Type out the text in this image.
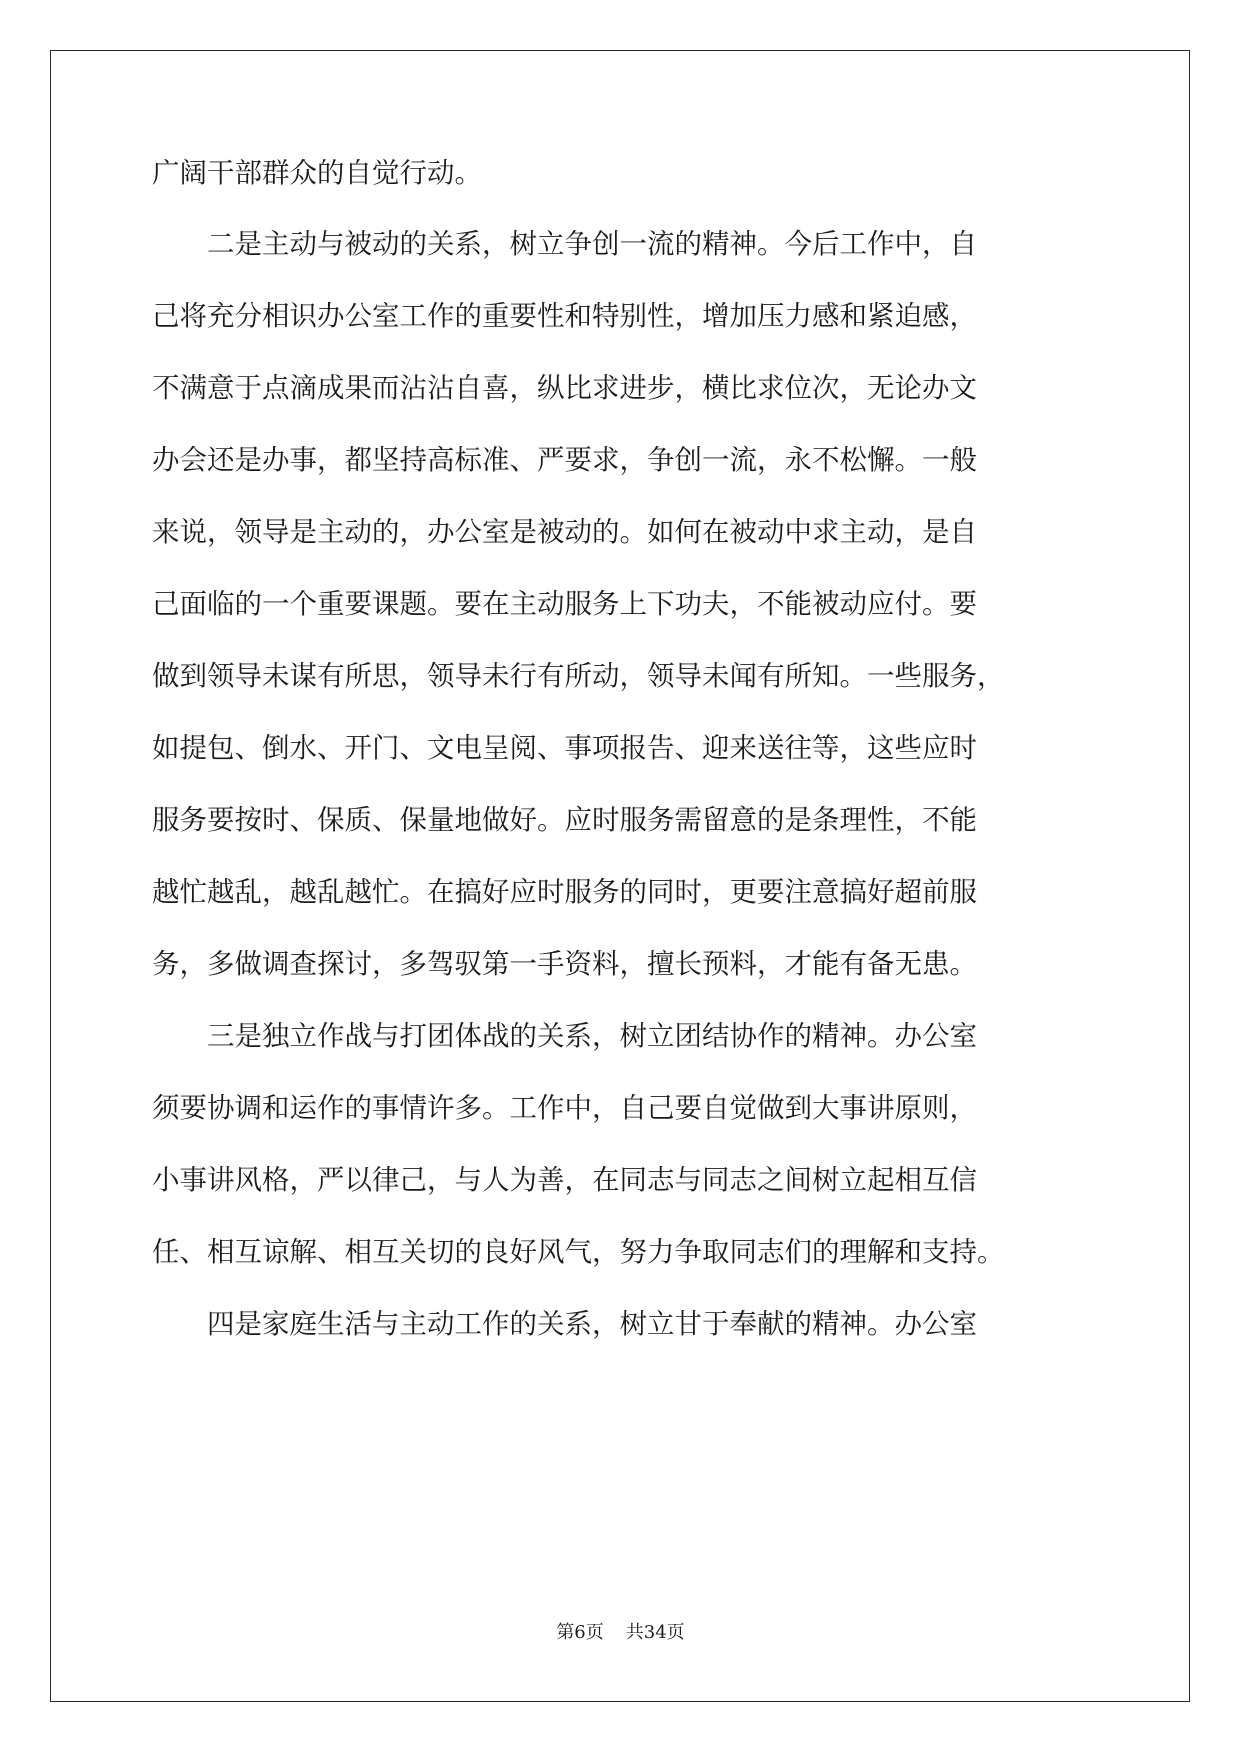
广阔干部群众的自觉行动。

　　二是主动与被动的关系，树立争创一流的精神。今后工作中，自

己将充分相识办公室工作的重要性和特别性，增加压力感和紧迫感，

不满意于点滴成果而沾沾自喜，纵比求进步，横比求位次，无论办文

办会还是办事，都坚持高标准、严要求，争创一流，永不松懈。一般

来说，领导是主动的，办公室是被动的。如何在被动中求主动，是自

己面临的一个重要课题。要在主动服务上下功夫，不能被动应付。要

做到领导未谋有所思，领导未行有所动，领导未闻有所知。一些服务，

如提包、倒水、开门、文电呈阅、事项报告、迎来送往等，这些应时

服务要按时、保质、保量地做好。应时服务需留意的是条理性，不能

越忙越乱，越乱越忙。在搞好应时服务的同时，更要注意搞好超前服

务，多做调查探讨，多驾驭第一手资料，擅长预料，才能有备无患。

　　三是独立作战与打团体战的关系，树立团结协作的精神。办公室

须要协调和运作的事情许多。工作中，自己要自觉做到大事讲原则，

小事讲风格，严以律己，与人为善，在同志与同志之间树立起相互信

任、相互谅解、相互关切的良好风气，努力争取同志们的理解和支持。

　　四是家庭生活与主动工作的关系，树立甘于奉献的精神。办公室

第6页 共34页
